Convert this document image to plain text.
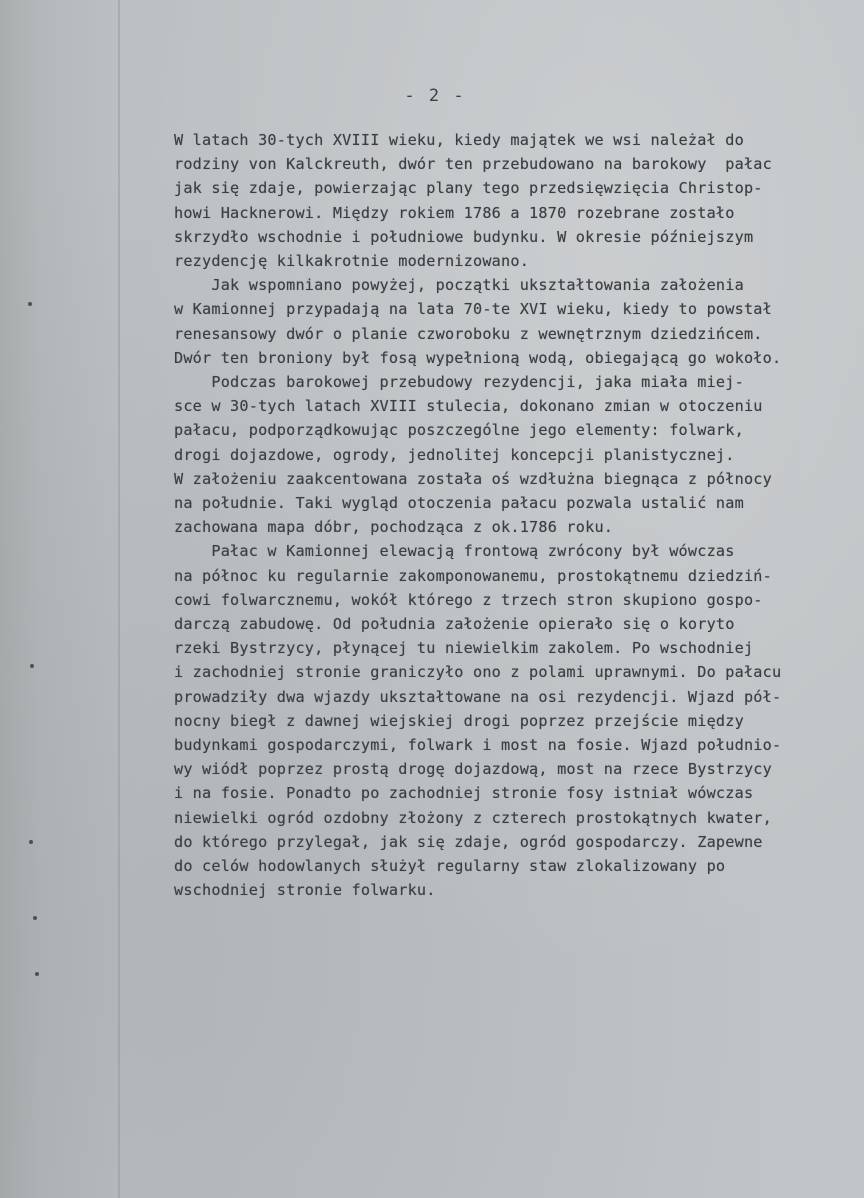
- 2 -

W latach 30-tych XVIII wieku, kiedy majątek we wsi należał do

rodziny von Kalckreuth, dwór ten przebudowano na barokowy  pałac

jak się zdaje, powierzając plany tego przedsięwzięcia Christop-

howi Hacknerowi. Między rokiem 1786 a 1870 rozebrane zostało

skrzydło wschodnie i południowe budynku. W okresie późniejszym

rezydencję kilkakrotnie modernizowano.

Jak wspomniano powyżej, początki ukształtowania założenia

w Kamionnej przypadają na lata 70-te XVI wieku, kiedy to powstał

renesansowy dwór o planie czworoboku z wewnętrznym dziedzińcem.

Dwór ten broniony był fosą wypełnioną wodą, obiegającą go wokoło.

Podczas barokowej przebudowy rezydencji, jaka miała miej-

sce w 30-tych latach XVIII stulecia, dokonano zmian w otoczeniu

pałacu, podporządkowując poszczególne jego elementy: folwark,

drogi dojazdowe, ogrody, jednolitej koncepcji planistycznej.

W założeniu zaakcentowana została oś wzdłużna biegnąca z północy

na południe. Taki wygląd otoczenia pałacu pozwala ustalić nam

zachowana mapa dóbr, pochodząca z ok.1786 roku.

Pałac w Kamionnej elewacją frontową zwrócony był wówczas

na północ ku regularnie zakomponowanemu, prostokątnemu dziedziń-

cowi folwarcznemu, wokół którego z trzech stron skupiono gospo-

darczą zabudowę. Od południa założenie opierało się o koryto

rzeki Bystrzycy, płynącej tu niewielkim zakolem. Po wschodniej

i zachodniej stronie graniczyło ono z polami uprawnymi. Do pałacu

prowadziły dwa wjazdy ukształtowane na osi rezydencji. Wjazd pół-

nocny biegł z dawnej wiejskiej drogi poprzez przejście między

budynkami gospodarczymi, folwark i most na fosie. Wjazd południo-

wy wiódł poprzez prostą drogę dojazdową, most na rzece Bystrzycy

i na fosie. Ponadto po zachodniej stronie fosy istniał wówczas

niewielki ogród ozdobny złożony z czterech prostokątnych kwater,

do którego przylegał, jak się zdaje, ogród gospodarczy. Zapewne

do celów hodowlanych służył regularny staw zlokalizowany po

wschodniej stronie folwarku.
